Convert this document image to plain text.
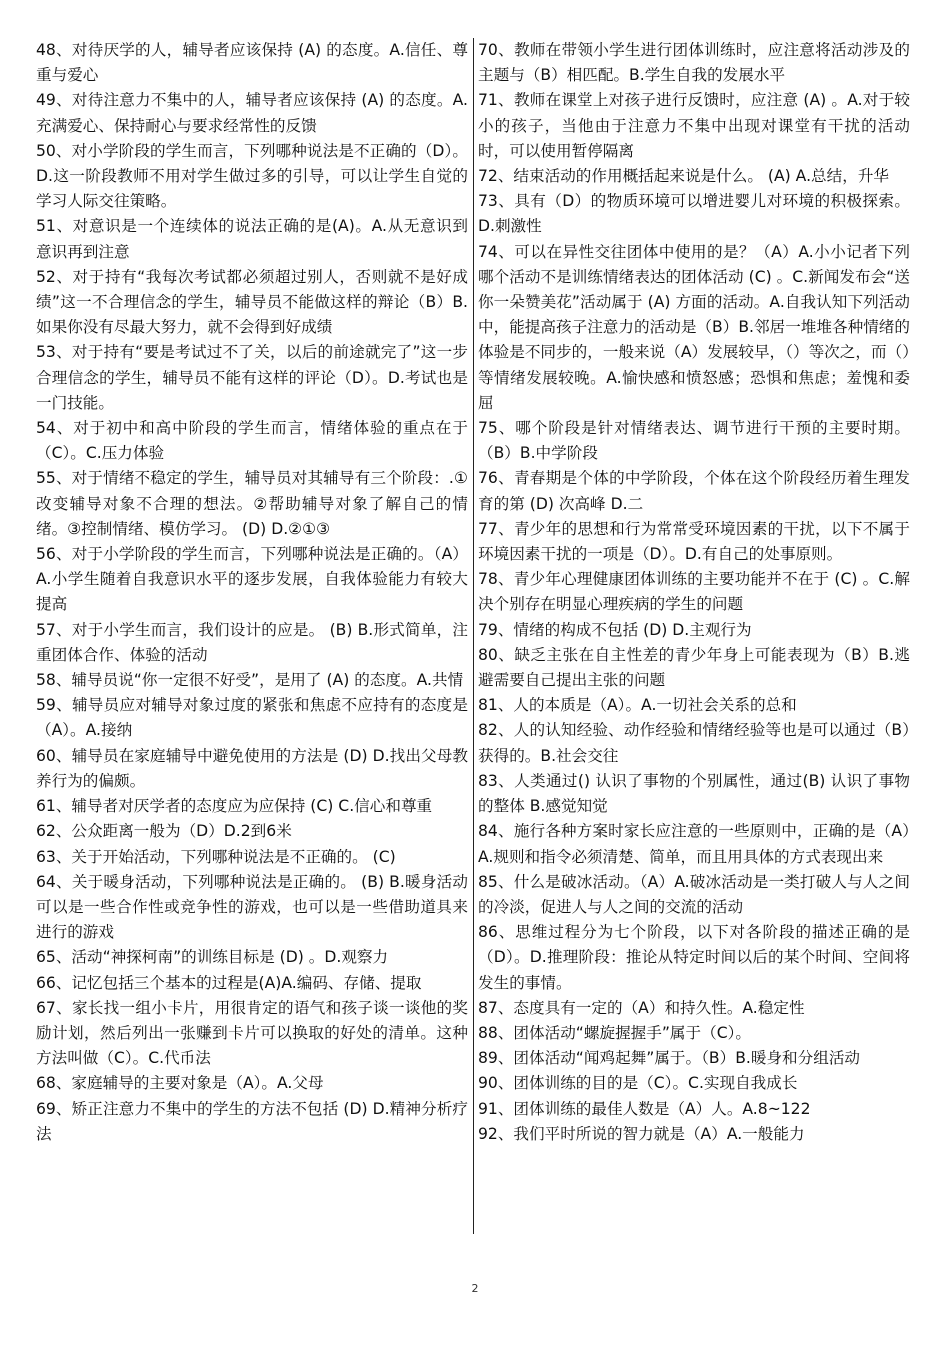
48、对待厌学的人，辅导者应该保持 (A) 的态度。A.信任、尊重与爱心

49、对待注意力不集中的人，辅导者应该保持 (A) 的态度。A.充满爱心、保持耐心与要求经常性的反馈

50、对小学阶段的学生而言，下列哪种说法是不正确的（D）。D.这一阶段教师不用对学生做过多的引导，可以让学生自觉的学习人际交往策略。

51、对意识是一个连续体的说法正确的是(A)。A.从无意识到意识再到注意

52、对于持有“我每次考试都必须超过别人，否则就不是好成绩”这一不合理信念的学生，辅导员不能做这样的辩论（B）B.如果你没有尽最大努力，就不会得到好成绩

53、对于持有“要是考试过不了关，以后的前途就完了”这一步合理信念的学生，辅导员不能有这样的评论（D）。D.考试也是一门技能。

54、对于初中和高中阶段的学生而言，情绪体验的重点在于（C）。C.压力体验

55、对于情绪不稳定的学生，辅导员对其辅导有三个阶段：.①改变辅导对象不合理的想法。②帮助辅导对象了解自己的情绪。③控制情绪、模仿学习。 (D) D.②①③

56、对于小学阶段的学生而言，下列哪种说法是正确的。（A）A.小学生随着自我意识水平的逐步发展，自我体验能力有较大提高

57、对于小学生而言，我们设计的应是。 (B) B.形式简单，注重团体合作、体验的活动

58、辅导员说“你一定很不好受”，是用了 (A) 的态度。A.共情

59、辅导员应对辅导对象过度的紧张和焦虑不应持有的态度是（A）。A.接纳

60、辅导员在家庭辅导中避免使用的方法是 (D) D.找出父母教养行为的偏颇。

61、辅导者对厌学者的态度应为应保持 (C) C.信心和尊重

62、公众距离一般为（D）D.2到6米

63、关于开始活动，下列哪种说法是不正确的。 (C)

64、关于暖身活动，下列哪种说法是正确的。 (B) B.暖身活动可以是一些合作性或竞争性的游戏，也可以是一些借助道具来进行的游戏

65、活动“神探柯南”的训练目标是 (D) 。D.观察力

66、记忆包括三个基本的过程是(A)A.编码、存储、提取

67、家长找一组小卡片，用很肯定的语气和孩子谈一谈他的奖励计划，然后列出一张赚到卡片可以换取的好处的清单。这种方法叫做（C）。C.代币法

68、家庭辅导的主要对象是（A）。A.父母

69、矫正注意力不集中的学生的方法不包括 (D) D.精神分析疗法

70、教师在带领小学生进行团体训练时，应注意将活动涉及的主题与（B）相匹配。B.学生自我的发展水平

71、教师在课堂上对孩子进行反馈时，应注意 (A) 。A.对于较小的孩子，当他由于注意力不集中出现对课堂有干扰的活动时，可以使用暂停隔离

72、结束活动的作用概括起来说是什么。 (A) A.总结，升华

73、具有（D）的物质环境可以增进婴儿对环境的积极探索。D.刺激性

74、可以在异性交往团体中使用的是？（A）A.小小记者下列哪个活动不是训练情绪表达的团体活动 (C) 。C.新闻发布会“送你一朵赞美花”活动属于 (A) 方面的活动。A.自我认知下列活动中，能提高孩子注意力的活动是（B）B.邻居一堆堆各种情绪的体验是不同步的，一般来说（A）发展较早，（）等次之，而（）等情绪发展较晚。A.愉快感和愤怒感；恐惧和焦虑；羞愧和委屈

75、哪个阶段是针对情绪表达、调节进行干预的主要时期。（B）B.中学阶段

76、青春期是个体的中学阶段，个体在这个阶段经历着生理发育的第 (D) 次高峰 D.二

77、青少年的思想和行为常常受环境因素的干扰，以下不属于环境因素干扰的一项是（D）。D.有自己的处事原则。

78、青少年心理健康团体训练的主要功能并不在于 (C) 。C.解决个别存在明显心理疾病的学生的问题

79、情绪的构成不包括 (D) D.主观行为

80、缺乏主张在自主性差的青少年身上可能表现为（B）B.逃避需要自己提出主张的问题

81、人的本质是（A）。A.一切社会关系的总和

82、人的认知经验、动作经验和情绪经验等也是可以通过（B）获得的。B.社会交往

83、人类通过() 认识了事物的个别属性，通过(B) 认识了事物的整体 B.感觉知觉

84、施行各种方案时家长应注意的一些原则中，正确的是（A）A.规则和指令必须清楚、简单，而且用具体的方式表现出来

85、什么是破冰活动。（A）A.破冰活动是一类打破人与人之间的冷淡，促进人与人之间的交流的活动

86、思维过程分为七个阶段，以下对各阶段的描述正确的是（D）。D.推理阶段：推论从特定时间以后的某个时间、空间将发生的事情。

87、态度具有一定的（A）和持久性。A.稳定性

88、团体活动“螺旋握握手”属于（C）。

89、团体活动“闻鸡起舞”属于。（B）B.暖身和分组活动

90、团体训练的目的是（C）。C.实现自我成长

91、团体训练的最佳人数是（A）人。A.8~122

92、我们平时所说的智力就是（A）A.一般能力

2
